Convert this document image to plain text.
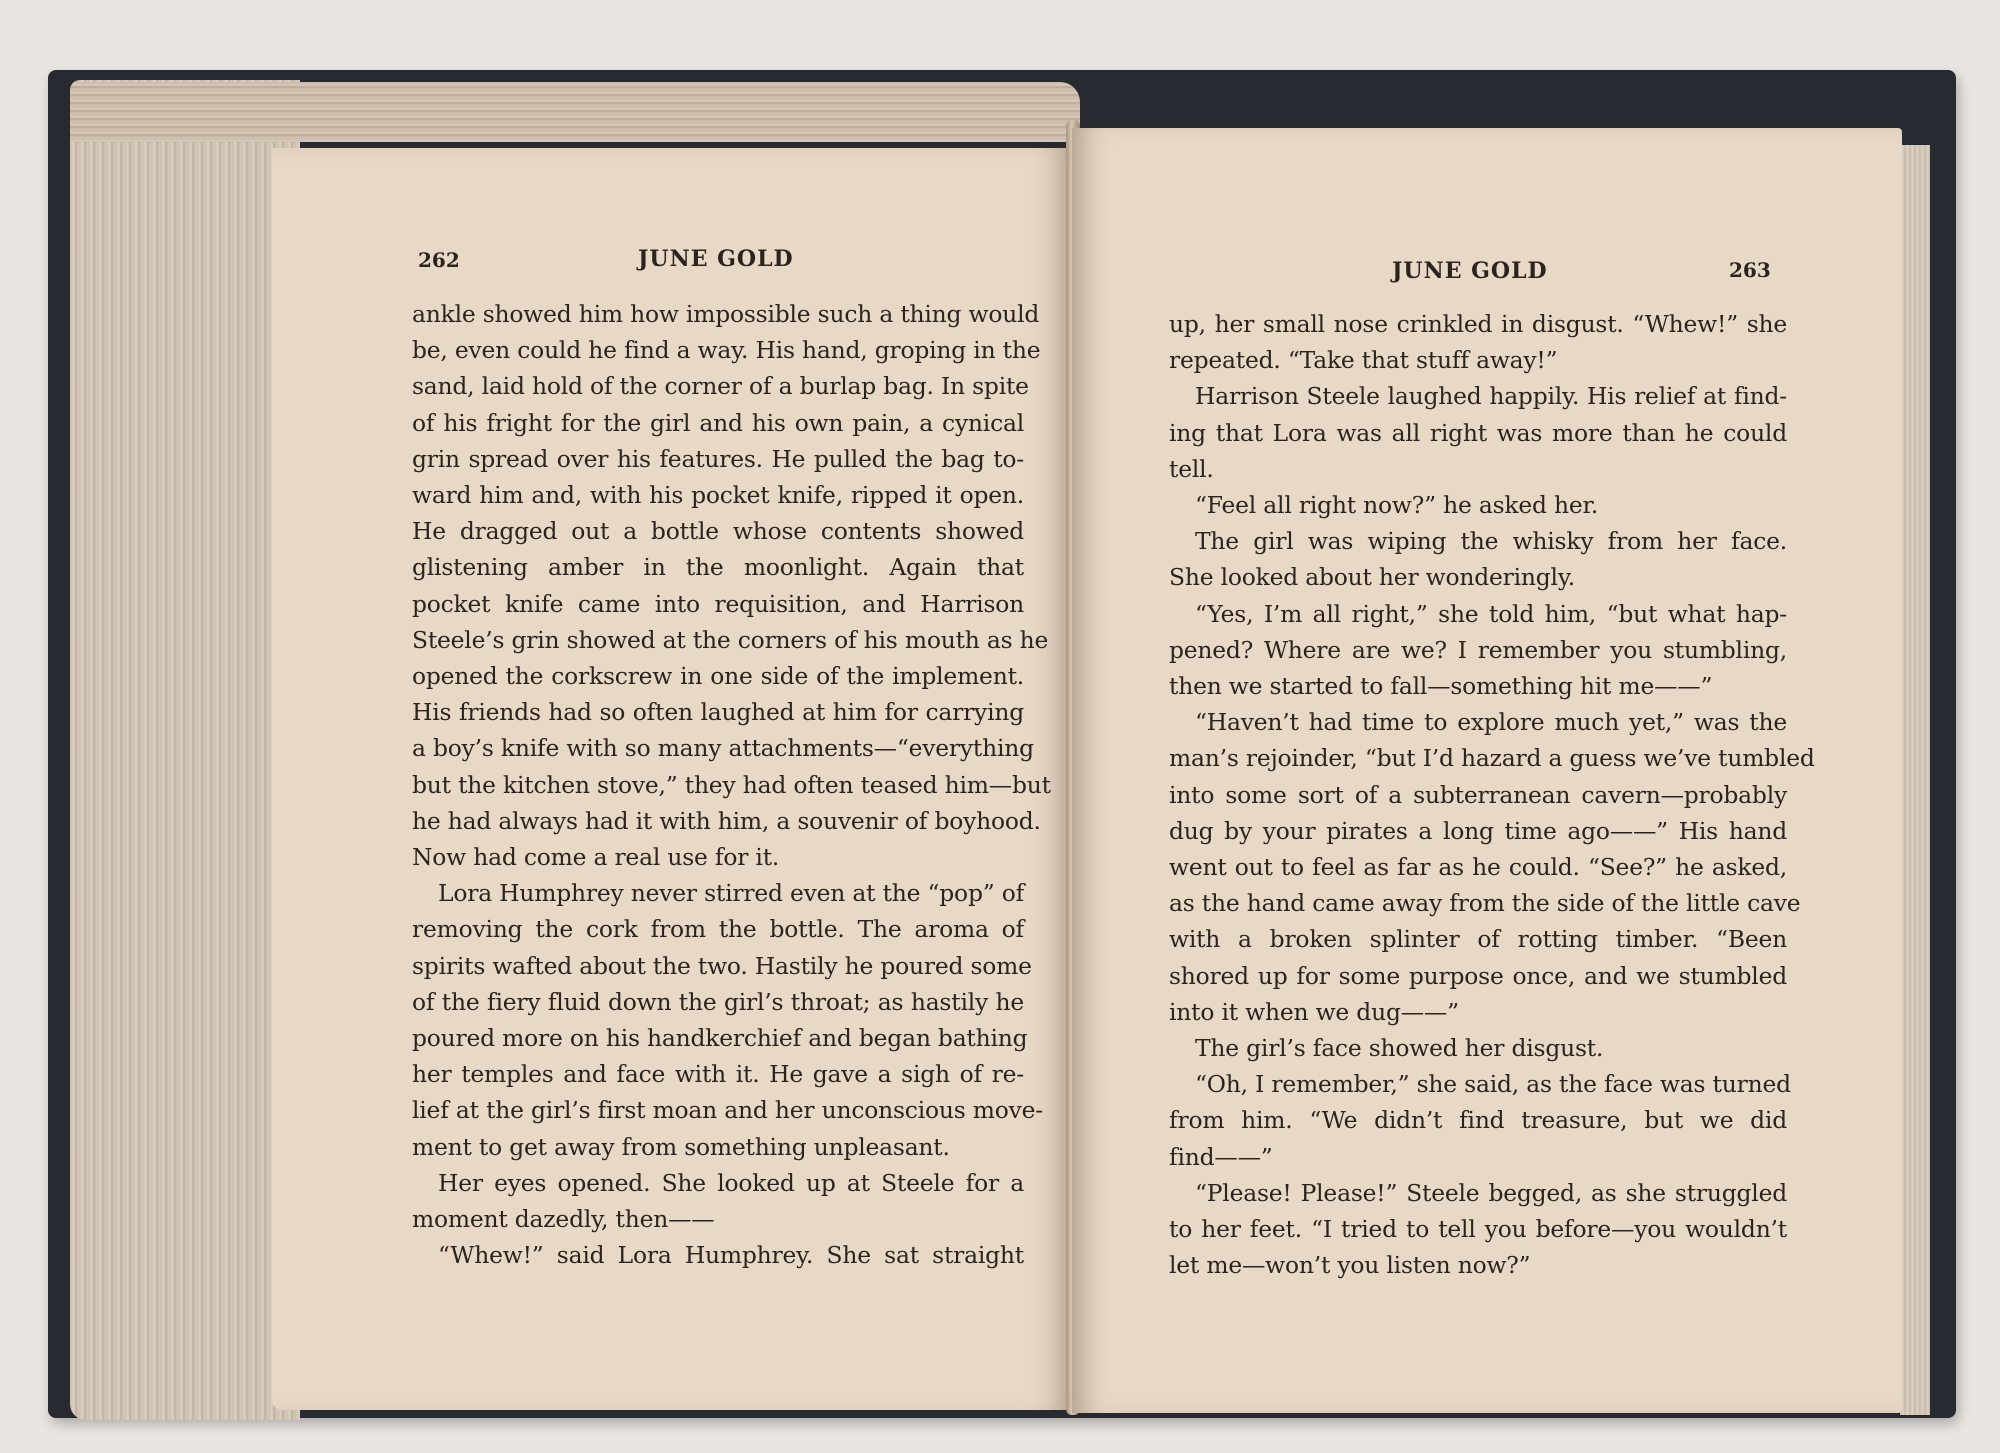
262	JUNE GOLD
ankle showed him how impossible such a thing would
be, even could he find a way. His hand, groping in the
sand, laid hold of the corner of a burlap bag. In spite
of his fright for the girl and his own pain, a cynical
grin spread over his features. He pulled the bag to-
ward him and, with his pocket knife, ripped it open.
He dragged out a bottle whose contents showed
glistening amber in the moonlight. Again that
pocket knife came into requisition, and Harrison
Steele’s grin showed at the corners of his mouth as he
opened the corkscrew in one side of the implement.
His friends had so often laughed at him for carrying
a boy’s knife with so many attachments—“everything
but the kitchen stove,” they had often teased him—but
he had always had it with him, a souvenir of boyhood.
Now had come a real use for it.
Lora Humphrey never stirred even at the “pop” of
removing the cork from the bottle. The aroma of
spirits wafted about the two. Hastily he poured some
of the fiery fluid down the girl’s throat; as hastily he
poured more on his handkerchief and began bathing
her temples and face with it. He gave a sigh of re-
lief at the girl’s first moan and her unconscious move-
ment to get away from something unpleasant.
Her eyes opened. She looked up at Steele for a
moment dazedly, then——
“Whew!” said Lora Humphrey. She sat straight
JUNE GOLD	263
up, her small nose crinkled in disgust. “Whew!” she
repeated. “Take that stuff away!”
Harrison Steele laughed happily. His relief at find-
ing that Lora was all right was more than he could
tell.
“Feel all right now?” he asked her.
The girl was wiping the whisky from her face.
She looked about her wonderingly.
“Yes, I’m all right,” she told him, “but what hap-
pened? Where are we? I remember you stumbling,
then we started to fall—something hit me——”
“Haven’t had time to explore much yet,” was the
man’s rejoinder, “but I’d hazard a guess we’ve tumbled
into some sort of a subterranean cavern—probably
dug by your pirates a long time ago——” His hand
went out to feel as far as he could. “See?” he asked,
as the hand came away from the side of the little cave
with a broken splinter of rotting timber. “Been
shored up for some purpose once, and we stumbled
into it when we dug——”
The girl’s face showed her disgust.
“Oh, I remember,” she said, as the face was turned
from him. “We didn’t find treasure, but we did
find——”
“Please! Please!” Steele begged, as she struggled
to her feet. “I tried to tell you before—you wouldn’t
let me—won’t you listen now?”
